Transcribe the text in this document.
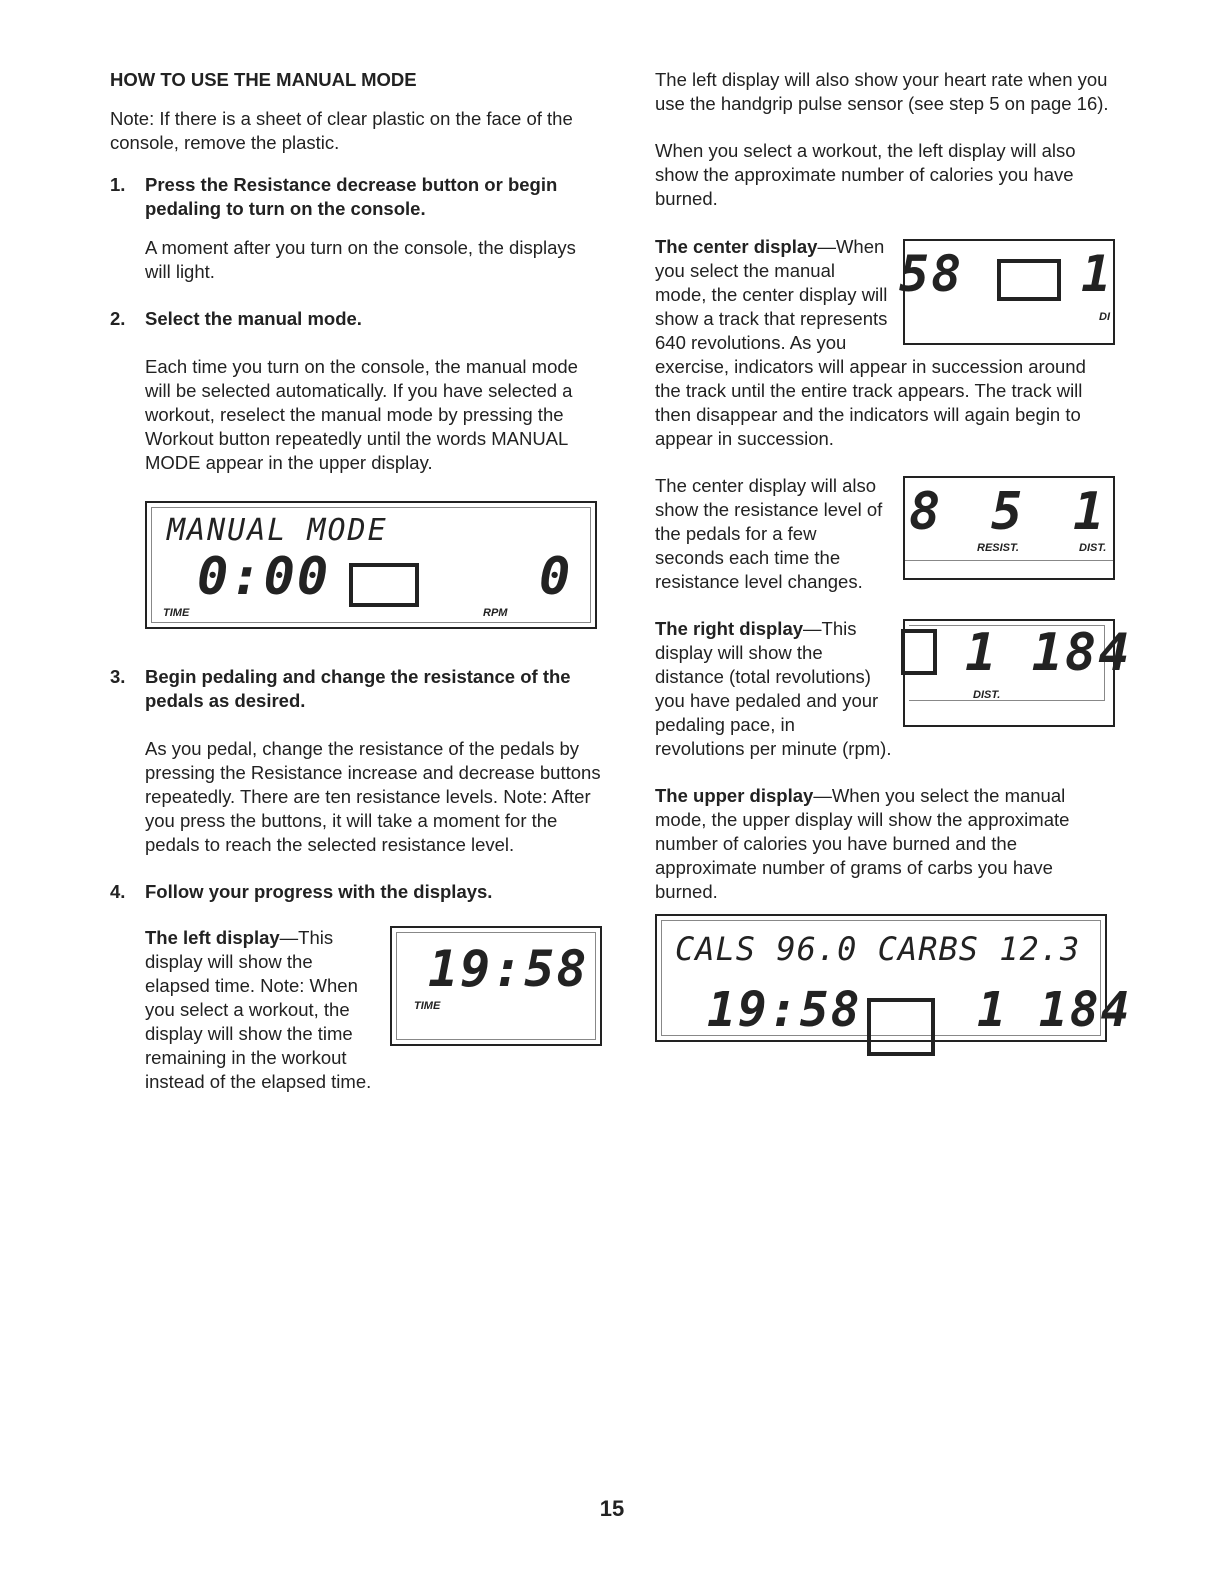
HOW TO USE THE MANUAL MODE

Note: If there is a sheet of clear plastic on the face of the console, remove the plastic.

1. Press the Resistance decrease button or begin pedaling to turn on the console.

A moment after you turn on the console, the displays will light.

2. Select the manual mode.

Each time you turn on the console, the manual mode will be selected automatically. If you have selected a workout, reselect the manual mode by pressing the Workout button repeatedly until the words MANUAL MODE appear in the upper display.

MANUAL MODE
0:00	0
TIME	RPM
3. Begin pedaling and change the resistance of the pedals as desired.

As you pedal, change the resistance of the pedals by pressing the Resistance increase and decrease buttons repeatedly. There are ten resistance levels. Note: After you press the buttons, it will take a moment for the pedals to reach the selected resistance level.

4. Follow your progress with the displays.
19:58
TIME

The left display—This display will show the elapsed time. Note: When you select a workout, the display will show the time remaining in the workout instead of the elapsed time.

The left display will also show your heart rate when you use the handgrip pulse sensor (see step 5 on page 16).

When you select a workout, the left display will also show the approximate number of calories you have burned.

58 1
DI

The center display—When you select the manual mode, the center display will show a track that represents 640 revolutions. As you exercise, indicators will appear in succession around the track until the entire track appears. The track will then disappear and the indicators will again begin to appear in succession.

8 5 1
RESIST.	DIST.

The center display will also show the resistance level of the pedals for a few seconds each time the resistance level changes.

1 184
DIST.

The right display—This display will show the distance (total revolutions) you have pedaled and your pedaling pace, in revolutions per minute (rpm).

The upper display—When you select the manual mode, the upper display will show the approximate number of calories you have burned and the approximate number of grams of carbs you have burned.

CALS 96.0 CARBS 12.3
19:58 1 184
15
